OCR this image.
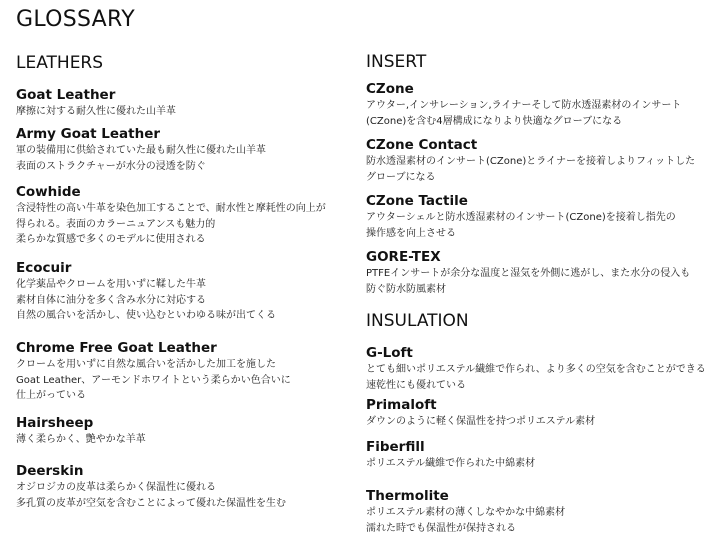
GLOSSARY
LEATHERS
Goat Leather
摩擦に対する耐久性に優れた山羊革
Army Goat Leather
軍の装備用に供給されていた最も耐久性に優れた山羊革
表面のストラクチャーが水分の浸透を防ぐ
Cowhide
含浸特性の高い牛革を染色加工することで、耐水性と摩耗性の向上が
得られる。表面のカラーニュアンスも魅力的
柔らかな質感で多くのモデルに使用される
Ecocuir
化学薬品やクロームを用いずに鞣した牛革
素材自体に油分を多く含み水分に対応する
自然の風合いを活かし、使い込むといわゆる味が出てくる
Chrome Free Goat Leather
クロームを用いずに自然な風合いを活かした加工を施した
Goat Leather、アーモンドホワイトという柔らかい色合いに
仕上がっている
Hairsheep
薄く柔らかく、艶やかな羊革
Deerskin
オジロジカの皮革は柔らかく保温性に優れる
多孔質の皮革が空気を含むことによって優れた保温性を生む
INSERT
CZone
アウター,インサレーション,ライナーそして防水透湿素材のインサート
(CZone)を含む4層構成になりより快適なグローブになる
CZone Contact
防水透湿素材のインサート(CZone)とライナーを接着しよりフィットした
グローブになる
CZone Tactile
アウターシェルと防水透湿素材のインサート(CZone)を接着し指先の
操作感を向上させる
GORE-TEX
PTFEインサートが余分な温度と湿気を外側に逃がし、また水分の侵入も
防ぐ防水防風素材
INSULATION
G-Loft
とても細いポリエステル繊維で作られ、より多くの空気を含むことができる
速乾性にも優れている
Primaloft
ダウンのように軽く保温性を持つポリエステル素材
Fiberfill
ポリエステル繊維で作られた中綿素材
Thermolite
ポリエステル素材の薄くしなやかな中綿素材
濡れた時でも保温性が保持される
